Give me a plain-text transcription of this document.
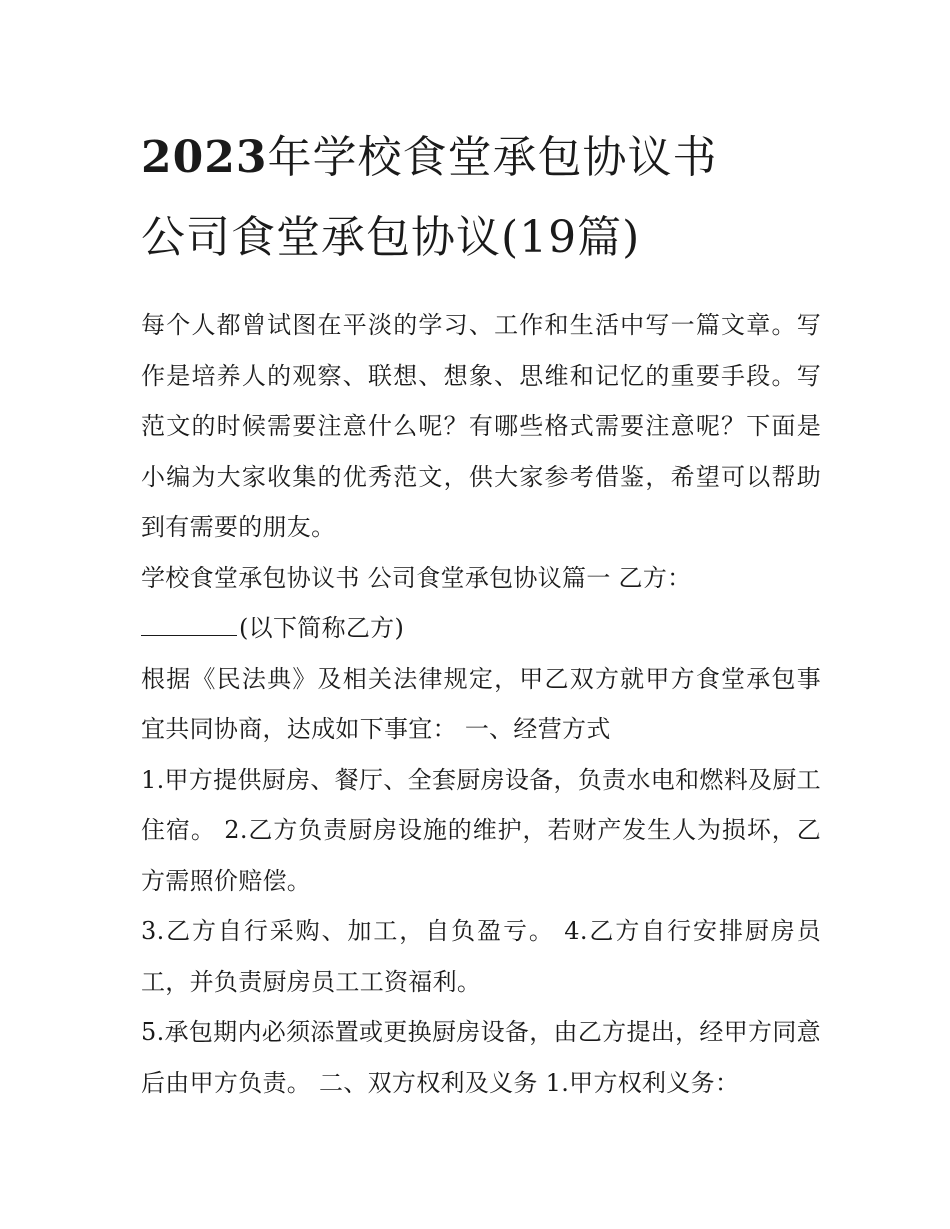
2023年学校食堂承包协议书
公司食堂承包协议(19篇)

每个人都曾试图在平淡的学习、工作和生活中写一篇文章。写作是培养人的观察、联想、想象、思维和记忆的重要手段。写范文的时候需要注意什么呢？有哪些格式需要注意呢？下面是小编为大家收集的优秀范文，供大家参考借鉴，希望可以帮助到有需要的朋友。

学校食堂承包协议书 公司食堂承包协议篇一 乙方：

(以下简称乙方)

根据《民法典》及相关法律规定，甲乙双方就甲方食堂承包事宜共同协商，达成如下事宜： 一、经营方式

1.甲方提供厨房、餐厅、全套厨房设备，负责水电和燃料及厨工住宿。 2.乙方负责厨房设施的维护，若财产发生人为损坏，乙方需照价赔偿。

3.乙方自行采购、加工，自负盈亏。 4.乙方自行安排厨房员工，并负责厨房员工工资福利。

5.承包期内必须添置或更换厨房设备，由乙方提出，经甲方同意后由甲方负责。 二、双方权利及义务 1.甲方权利义务：
